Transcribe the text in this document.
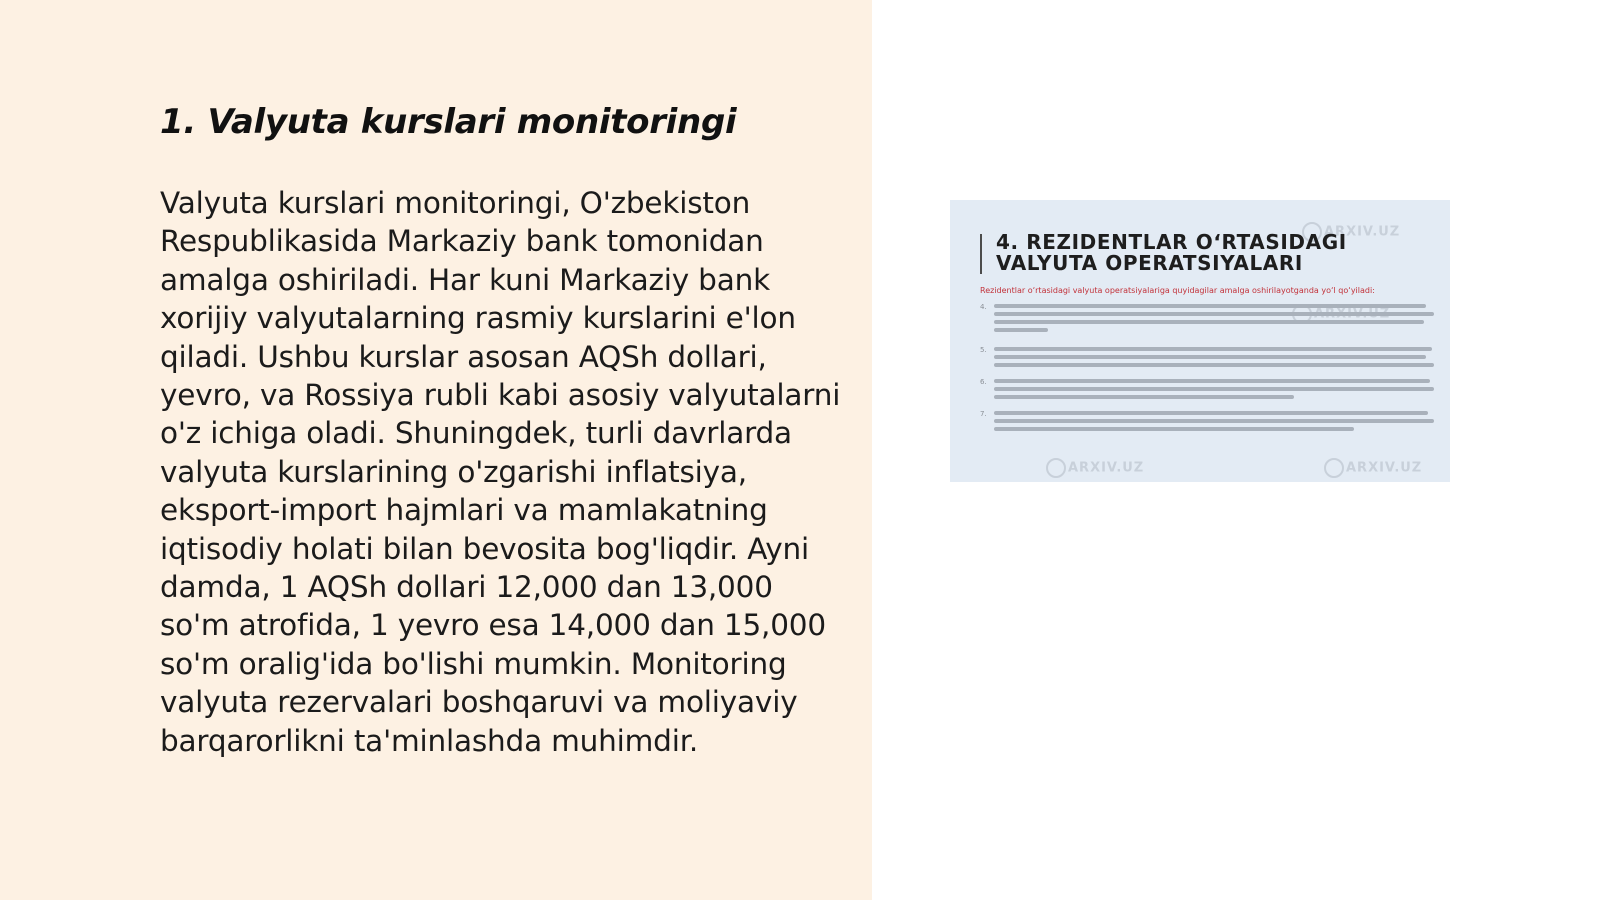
1. Valyuta kurslari monitoringi

Valyuta kurslari monitoringi, O'zbekiston Respublikasida Markaziy bank tomonidan amalga oshiriladi. Har kuni Markaziy bank xorijiy valyutalarning rasmiy kurslarini e'lon qiladi. Ushbu kurslar asosan AQSh dollari, yevro, va Rossiya rubli kabi asosiy valyutalarni o'z ichiga oladi. Shuningdek, turli davrlarda valyuta kurslarining o'zgarishi inflatsiya, eksport-import hajmlari va mamlakatning iqtisodiy holati bilan bevosita bog'liqdir. Ayni damda, 1 AQSh dollari 12,000 dan 13,000 so'm atrofida, 1 yevro esa 14,000 dan 15,000 so'm oralig'ida bo'lishi mumkin. Monitoring valyuta rezervalari boshqaruvi va moliyaviy barqarorlikni ta'minlashda muhimdir.

ARXIV.UZ
ARXIV.UZ	ARXIV.UZ
4. REZIDENTLAR O‘RTASIDAGI
VALYUTA OPERATSIYALARI

Rezidentlar o‘rtasidagi valyuta operatsiyalariga quyidagilar amalga oshirilayotganda yo‘l qo‘yiladi:

4.
5.
6.
7.
